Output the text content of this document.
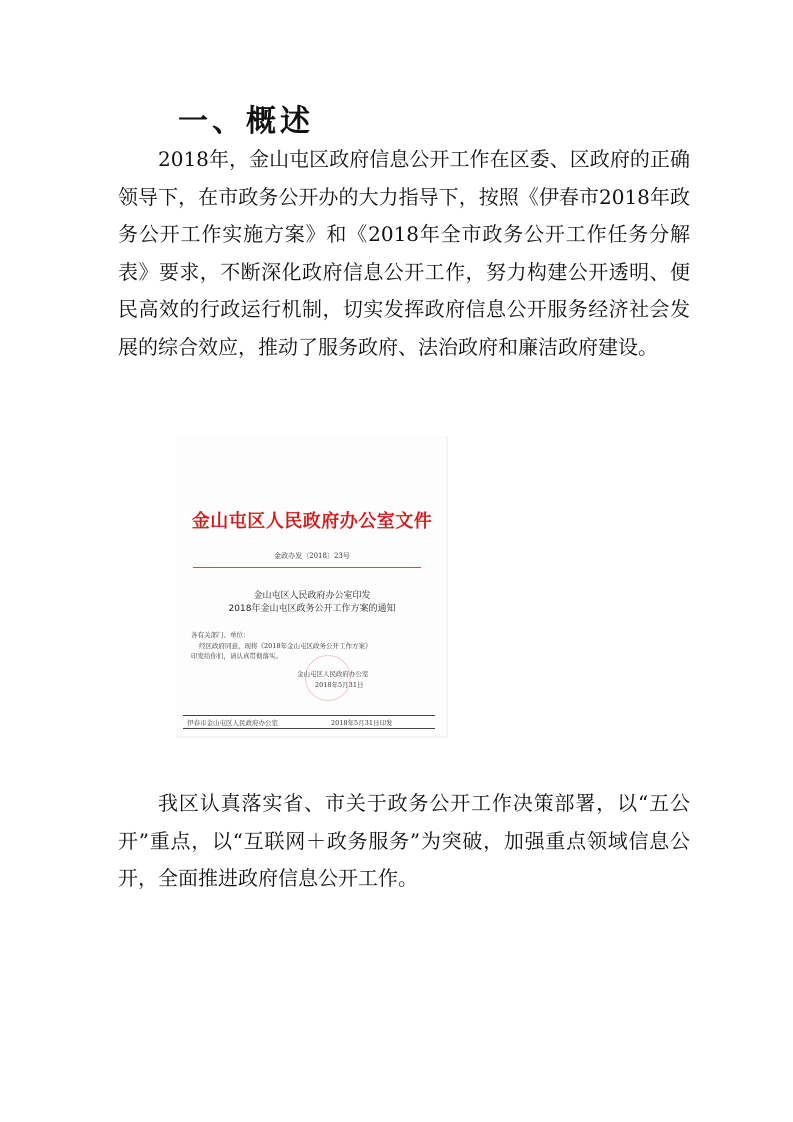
一、概述

2018年，金山屯区政府信息公开工作在区委、区政府的正确领导下，在市政务公开办的大力指导下，按照《伊春市2018年政务公开工作实施方案》和《2018年全市政务公开工作任务分解表》要求，不断深化政府信息公开工作，努力构建公开透明、便民高效的行政运行机制，切实发挥政府信息公开服务经济社会发展的综合效应，推动了服务政府、法治政府和廉洁政府建设。

金山屯区人民政府办公室文件

金政办发〔2018〕23号

金山屯区人民政府办公室印发

2018年金山屯区政务公开工作方案的通知

各有关部门、单位：

经区政府同意，现将《2018年金山屯区政务公开工作方案》

印发给你们，请认真贯彻落实。

金山屯区人民政府办公室

2018年5月31日

伊春市金山屯区人民政府办公室	2018年5月31日印发

我区认真落实省、市关于政务公开工作决策部署，以“五公开”重点，以“互联网＋政务服务”为突破，加强重点领域信息公开，全面推进政府信息公开工作。
